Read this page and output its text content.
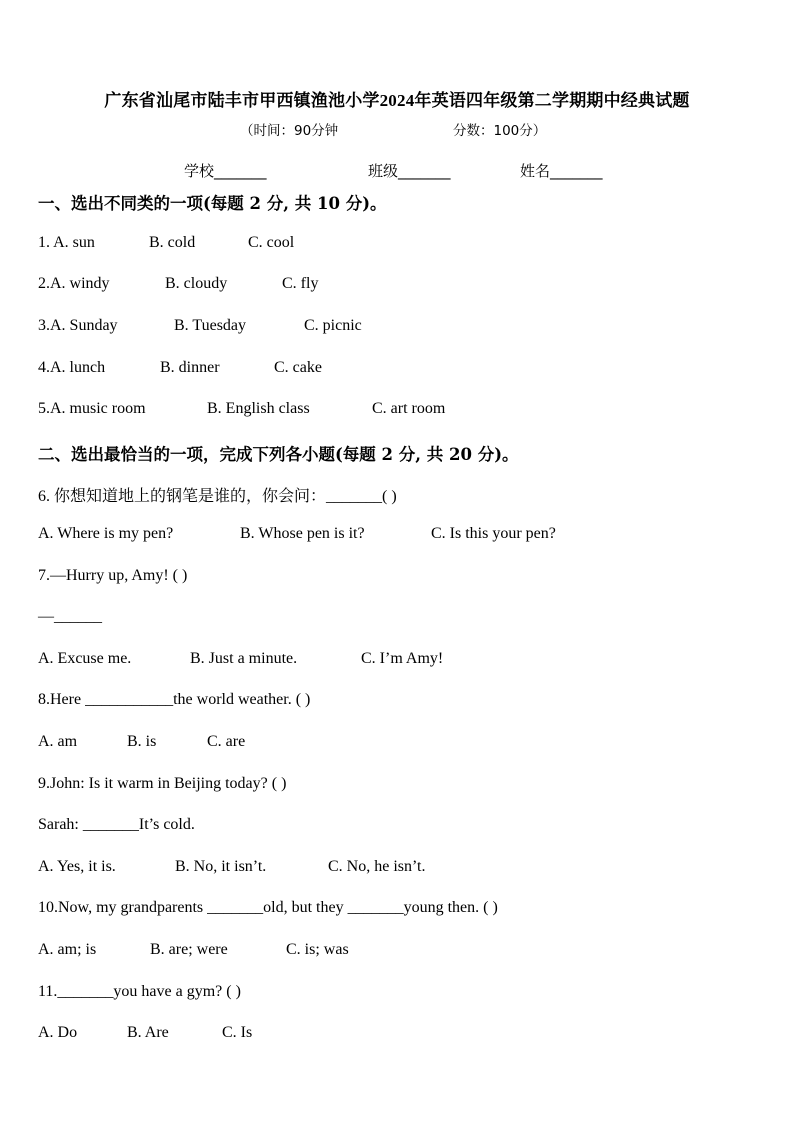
广东省汕尾市陆丰市甲西镇渔池小学2024年英语四年级第二学期期中经典试题
（时间：90分钟	分数：100分）
学校_______	班级_______	姓名_______
一、选出不同类的一项(每题 2 分, 共 10 分)。
1. A. sun	B. cold	C. cool
2.A. windy	B. cloudy	C. fly
3.A. Sunday	B. Tuesday	C. picnic
4.A. lunch	B. dinner	C. cake
5.A. music room	B. English class	C. art room
二、选出最恰当的一项，完成下列各小题(每题 2 分, 共 20 分)。
6. 你想知道地上的钢笔是谁的，你会问：_______( )
A. Where is my pen?	B. Whose pen is it?	C. Is this your pen?
7.—Hurry up, Amy! ( )
—______
A. Excuse me.	B. Just a minute.	C. I’m Amy!
8.Here ___________the world weather. ( )
A. am	B. is	C. are
9.John: Is it warm in Beijing today? ( )
Sarah: _______It’s cold.
A. Yes, it is.	B. No, it isn’t.	C. No, he isn’t.
10.Now, my grandparents _______old, but they _______young then. ( )
A. am; is	B. are; were	C. is; was
11._______you have a gym? ( )
A. Do	B. Are	C. Is
